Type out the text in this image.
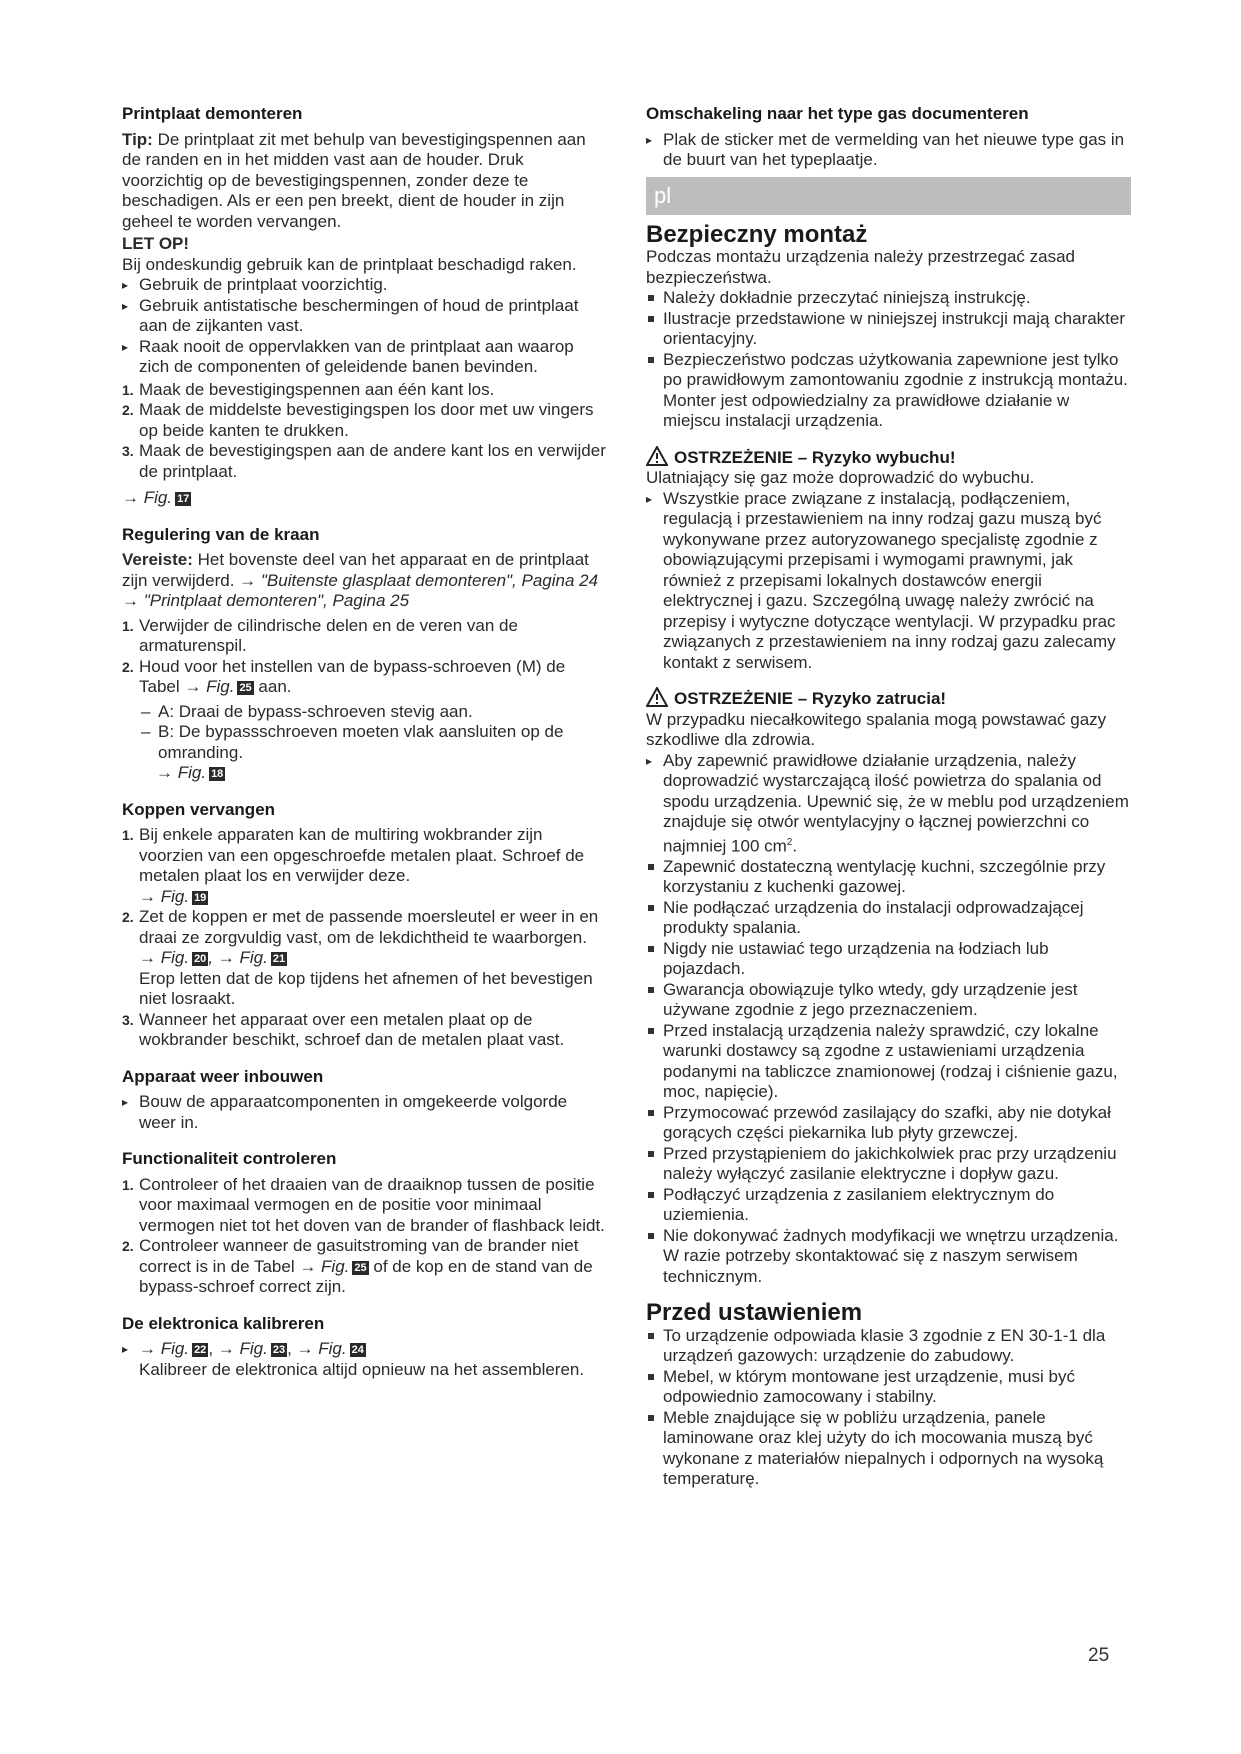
Printplaat demonteren

Tip: De printplaat zit met behulp van bevestigingspennen aan de randen en in het midden vast aan de houder. Druk voorzichtig op de bevestigingspennen, zonder deze te beschadigen. Als er een pen breekt, dient de houder in zijn geheel te worden vervangen.

LET OP!

Bij ondeskundig gebruik kan de printplaat beschadigd raken.

▸ Gebruik de printplaat voorzichtig.
▸ Gebruik antistatische beschermingen of houd de printplaat aan de zijkanten vast.
▸ Raak nooit de oppervlakken van de printplaat aan waarop zich de componenten of geleidende banen bevinden.
1. Maak de bevestigingspennen aan één kant los.
2. Maak de middelste bevestigingspen los door met uw vingers op beide kanten te drukken.
3. Maak de bevestigingspen aan de andere kant los en verwijder de printplaat.

→ Fig. 17

Regulering van de kraan

Vereiste: Het bovenste deel van het apparaat en de printplaat zijn verwijderd. → "Buitenste glasplaat demonteren", Pagina 24 → "Printplaat demonteren", Pagina 25

1. Verwijder de cilindrische delen en de veren van de armaturenspil.
2. Houd voor het instellen van de bypass-schroeven (M) de Tabel → Fig. 25 aan.
– A: Draai de bypass-schroeven stevig aan.
– B: De bypassschroeven moeten vlak aansluiten op de omranding.

→ Fig. 18

Koppen vervangen
1. Bij enkele apparaten kan de multiring wokbrander zijn voorzien van een opgeschroefde metalen plaat. Schroef de metalen plaat los en verwijder deze.

→ Fig. 19

2. Zet de koppen er met de passende moersleutel er weer in en draai ze zorgvuldig vast, om de lekdichtheid te waarborgen.

→ Fig. 20 , → Fig. 21

Erop letten dat de kop tijdens het afnemen of het bevestigen niet losraakt.

3. Wanneer het apparaat over een metalen plaat op de wokbrander beschikt, schroef dan de metalen plaat vast.
Apparaat weer inbouwen
▸ Bouw de apparaatcomponenten in omgekeerde volgorde weer in.
Functionaliteit controleren
1. Controleer of het draaien van de draaiknop tussen de positie voor maximaal vermogen en de positie voor minimaal vermogen niet tot het doven van de brander of flashback leidt.
2. Controleer wanneer de gasuitstroming van de brander niet correct is in de Tabel → Fig. 25 of de kop en de stand van de bypass-schroef correct zijn.
De elektronica kalibreren
▸ → Fig. 22 , → Fig. 23 , → Fig. 24

Kalibreer de elektronica altijd opnieuw na het assembleren.

Omschakeling naar het type gas documenteren
▸ Plak de sticker met de vermelding van het nieuwe type gas in de buurt van het typeplaatje.
pl
Bezpieczny montaż

Podczas montażu urządzenia należy przestrzegać zasad bezpieczeństwa.

Należy dokładnie przeczytać niniejszą instrukcję.
Ilustracje przedstawione w niniejszej instrukcji mają charakter orientacyjny.
Bezpieczeństwo podczas użytkowania zapewnione jest tylko po prawidłowym zamontowaniu zgodnie z instrukcją montażu. Monter jest odpowiedzialny za prawidłowe działanie w miejscu instalacji urządzenia.

OSTRZEŻENIE – Ryzyko wybuchu!

Ulatniający się gaz może doprowadzić do wybuchu.

▸ Wszystkie prace związane z instalacją, podłączeniem, regulacją i przestawieniem na inny rodzaj gazu muszą być wykonywane przez autoryzowanego specjalistę zgodnie z obowiązującymi przepisami i wymogami prawnymi, jak również z przepisami lokalnych dostawców energii elektrycznej i gazu. Szczególną uwagę należy zwrócić na przepisy i wytyczne dotyczące wentylacji. W przypadku prac związanych z przestawieniem na inny rodzaj gazu zalecamy kontakt z serwisem.

OSTRZEŻENIE – Ryzyko zatrucia!

W przypadku niecałkowitego spalania mogą powstawać gazy szkodliwe dla zdrowia.

▸ Aby zapewnić prawidłowe działanie urządzenia, należy doprowadzić wystarczającą ilość powietrza do spalania od spodu urządzenia. Upewnić się, że w meblu pod urządzeniem znajduje się otwór wentylacyjny o łącznej powierzchni co najmniej 100 $cm^2$.
Zapewnić dostateczną wentylację kuchni, szczególnie przy korzystaniu z kuchenki gazowej.
Nie podłączać urządzenia do instalacji odprowadzającej produkty spalania.
Nigdy nie ustawiać tego urządzenia na łodziach lub pojazdach.
Gwarancja obowiązuje tylko wtedy, gdy urządzenie jest używane zgodnie z jego przeznaczeniem.
Przed instalacją urządzenia należy sprawdzić, czy lokalne warunki dostawcy są zgodne z ustawieniami urządzenia podanymi na tabliczce znamionowej (rodzaj i ciśnienie gazu, moc, napięcie).
Przymocować przewód zasilający do szafki, aby nie dotykał gorących części piekarnika lub płyty grzewczej.
Przed przystąpieniem do jakichkolwiek prac przy urządzeniu należy wyłączyć zasilanie elektryczne i dopływ gazu.
Podłączyć urządzenia z zasilaniem elektrycznym do uziemienia.
Nie dokonywać żadnych modyfikacji we wnętrzu urządzenia. W razie potrzeby skontaktować się z naszym serwisem technicznym.
Przed ustawieniem
To urządzenie odpowiada klasie 3 zgodnie z EN 30-1-1 dla urządzeń gazowych: urządzenie do zabudowy.
Mebel, w którym montowane jest urządzenie, musi być odpowiednio zamocowany i stabilny.
Meble znajdujące się w pobliżu urządzenia, panele laminowane oraz klej użyty do ich mocowania muszą być wykonane z materiałów niepalnych i odpornych na wysoką temperaturę.
25
